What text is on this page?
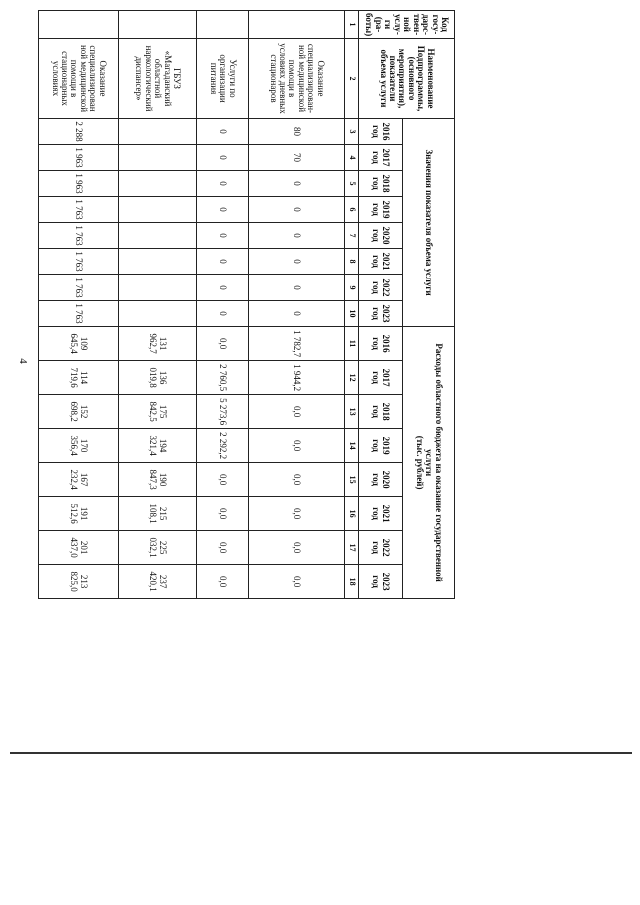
4
Код госу-дарс-твен-ной услу-ги (ра-боты)	Наименование Подпрограммы, (основного мероприятия), показатели объема услуги	Значения показателя объема услуги								Расходы областного бюджета на оказание государственной услуги
(тыс. рублей)							
		2016 год	2017 год	2018 год	2019 год	2020 год	2021 год	2022 год	2023 год	2016 год	2017 год	2018 год	2019 год	2020 год	2021 год	2022 год	2023 год
1	2	3	4	5	6	7	8	9	10	11	12	13	14	15	16	17	18
	Оказание специализирован-ной медицинской помощи в условиях дневных стационаров	80	70	0	0	0	0	0	0	1 782,7	1 944,2	0,0	0,0	0,0	0,0	0,0	0,0
	Услуги по организации питания	0	0	0	0	0	0	0	0	0,0	2 760,5	5 273,6	2 292,2	0,0	0,0	0,0	0,0
	ГБУЗ «Магаданский областной наркологический диспансер»									131 962,7	136 019,8	175 842,5	194 321,4	190 847,3	215 108,1	225 032,1	237 420,1
	Оказание специализирован ной медицинской помощи в стационарных условиях	2 288	1 963	1 963	1 763	1 763	1 763	1 763	1 763	109 645,4	114 719,6	152 698,2	170 356,4	167 232,4	191 512,6	201 437,0	213 825,0
